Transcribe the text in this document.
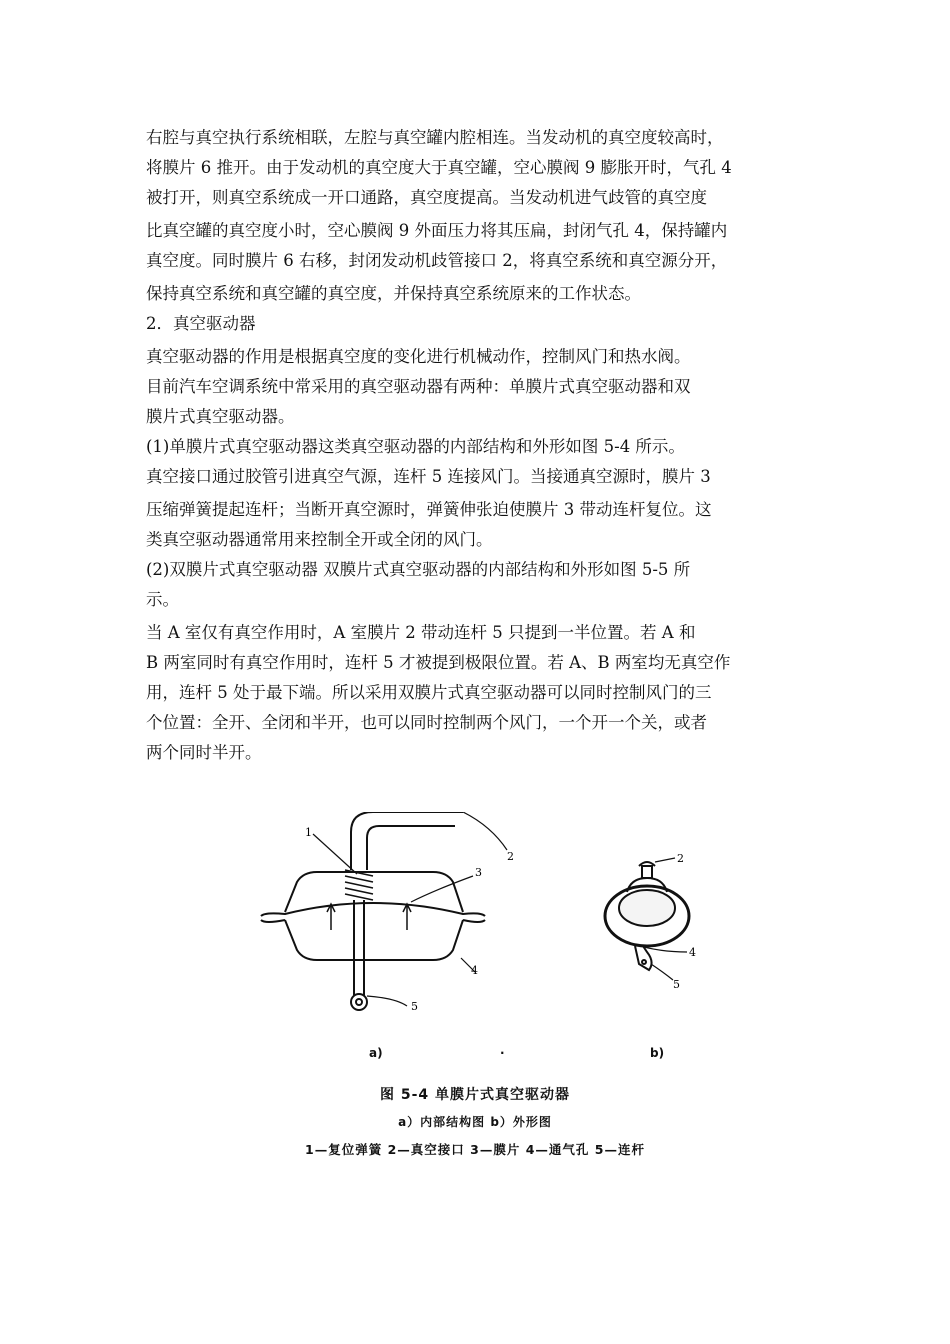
右腔与真空执行系统相联，左腔与真空罐内腔相连。当发动机的真空度较高时，
将膜片 6 推开。由于发动机的真空度大于真空罐，空心膜阀 9 膨胀开时，气孔 4
被打开，则真空系统成一开口通路，真空度提高。当发动机进气歧管的真空度
比真空罐的真空度小时，空心膜阀 9 外面压力将其压扁，封闭气孔 4，保持罐内
真空度。同时膜片 6 右移，封闭发动机歧管接口 2，将真空系统和真空源分开，
保持真空系统和真空罐的真空度，并保持真空系统原来的工作状态。
2．真空驱动器
真空驱动器的作用是根据真空度的变化进行机械动作，控制风门和热水阀。
目前汽车空调系统中常采用的真空驱动器有两种：单膜片式真空驱动器和双
膜片式真空驱动器。
(1)单膜片式真空驱动器这类真空驱动器的内部结构和外形如图 5-4 所示。
真空接口通过胶管引进真空气源，连杆 5 连接风门。当接通真空源时，膜片 3
压缩弹簧提起连杆；当断开真空源时，弹簧伸张迫使膜片 3 带动连杆复位。这
类真空驱动器通常用来控制全开或全闭的风门。
(2)双膜片式真空驱动器 双膜片式真空驱动器的内部结构和外形如图 5-5 所
示。
当 A 室仅有真空作用时，A 室膜片 2 带动连杆 5 只提到一半位置。若 A 和
B 两室同时有真空作用时，连杆 5 才被提到极限位置。若 A、B 两室均无真空作
用，连杆 5 处于最下端。所以采用双膜片式真空驱动器可以同时控制风门的三
个位置：全开、全闭和半开，也可以同时控制两个风门，一个开一个关，或者
两个同时半开。
1
2
3
4
5
2
4
5
a)	·	b)
图 5-4 单膜片式真空驱动器
a）内部结构图 b）外形图
1—复位弹簧 2—真空接口 3—膜片 4—通气孔 5—连杆
